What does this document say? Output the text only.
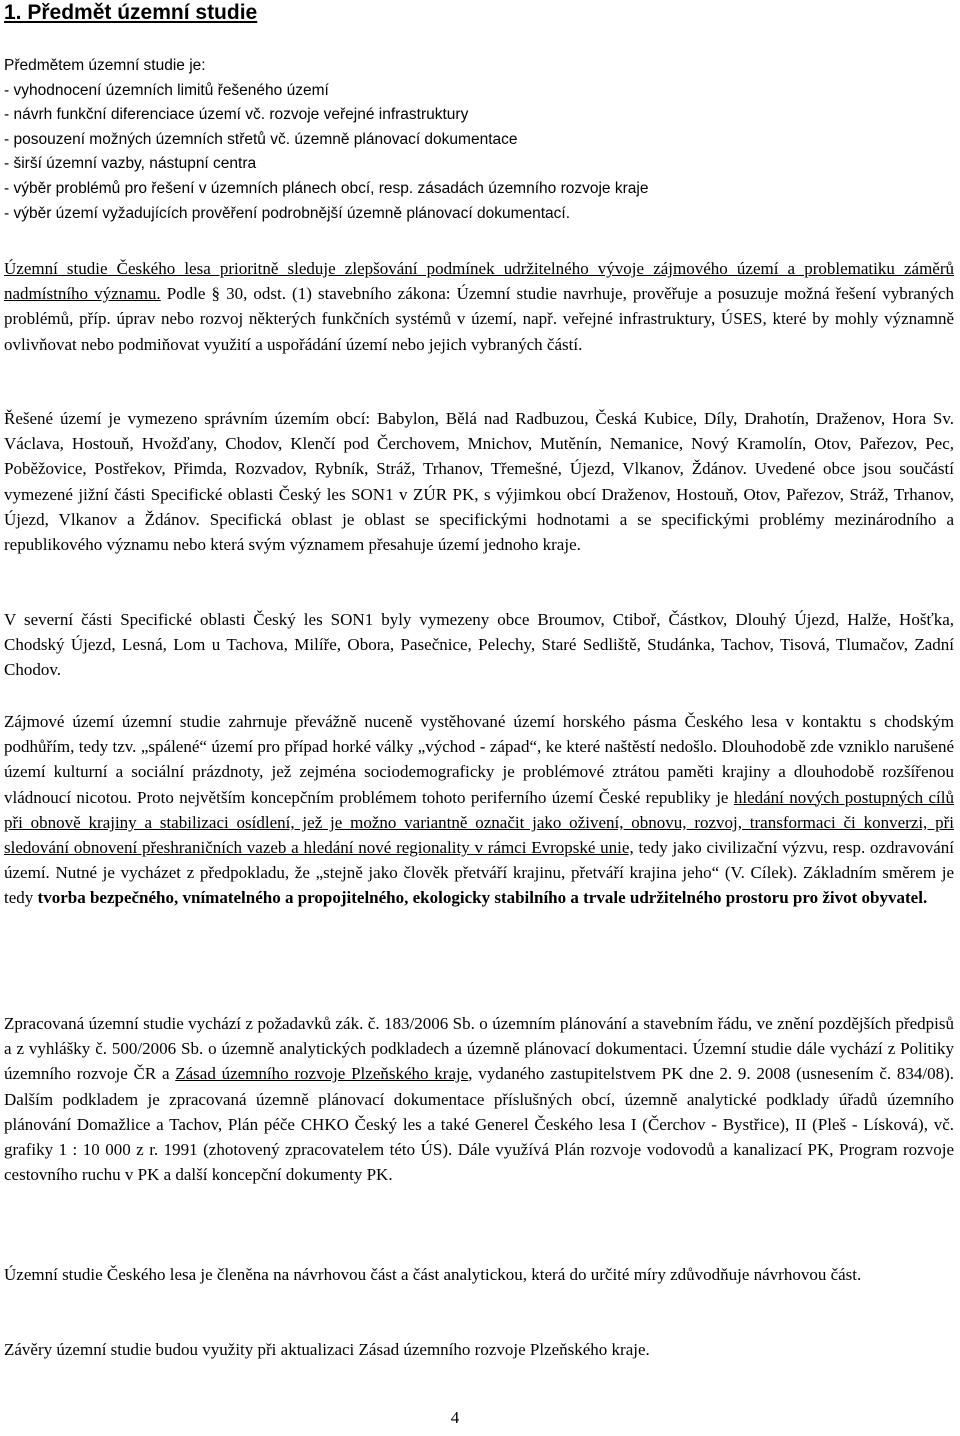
1. Předmět územní studie
Předmětem územní studie je:
- vyhodnocení územních limitů řešeného území
- návrh funkční diferenciace území vč. rozvoje veřejné infrastruktury
- posouzení možných územních střetů vč. územně plánovací dokumentace
- širší územní vazby, nástupní centra
- výběr problémů pro řešení v územních plánech obcí, resp. zásadách územního rozvoje kraje
- výběr území vyžadujících prověření podrobnější územně plánovací dokumentací.

Územní studie Českého lesa prioritně sleduje zlepšování podmínek udržitelného vývoje zájmového území a problematiku záměrů nadmístního významu. Podle § 30, odst. (1) stavebního zákona: Územní studie navrhuje, prověřuje a posuzuje možná řešení vybraných problémů, příp. úprav nebo rozvoj některých funkčních systémů v území, např. veřejné infrastruktury, ÚSES, které by mohly významně ovlivňovat nebo podmiňovat využití a uspořádání území nebo jejich vybraných částí.

Řešené území je vymezeno správním územím obcí: Babylon, Bělá nad Radbuzou, Česká Kubice, Díly, Drahotín, Draženov, Hora Sv. Václava, Hostouň, Hvožďany, Chodov, Klenčí pod Čerchovem, Mnichov, Mutěnín, Nemanice, Nový Kramolín, Otov, Pařezov, Pec, Poběžovice, Postřekov, Přimda, Rozvadov, Rybník, Stráž, Trhanov, Třemešné, Újezd, Vlkanov, Ždánov. Uvedené obce jsou součástí vymezené jižní části Specifické oblasti Český les SON1 v ZÚR PK, s výjimkou obcí Draženov, Hostouň, Otov, Pařezov, Stráž, Trhanov, Újezd, Vlkanov a Ždánov. Specifická oblast je oblast se specifickými hodnotami a se specifickými problémy mezinárodního a republikového významu nebo která svým významem přesahuje území jednoho kraje.

V severní části Specifické oblasti Český les SON1 byly vymezeny obce Broumov, Ctiboř, Částkov, Dlouhý Újezd, Halže, Hošťka, Chodský Újezd, Lesná, Lom u Tachova, Milíře, Obora, Pasečnice, Pelechy, Staré Sedliště, Studánka, Tachov, Tisová, Tlumačov, Zadní Chodov.

Zájmové území územní studie zahrnuje převážně nuceně vystěhované území horského pásma Českého lesa v kontaktu s chodským podhůřím, tedy tzv. „spálené“ území pro případ horké války „východ - západ“, ke které naštěstí nedošlo. Dlouhodobě zde vzniklo narušené území kulturní a sociální prázdnoty, jež zejména sociodemograficky je problémové ztrátou paměti krajiny a dlouhodobě rozšířenou vládnoucí nicotou. Proto největším koncepčním problémem tohoto periferního území České republiky je hledání nových postupných cílů při obnově krajiny a stabilizaci osídlení, jež je možno variantně označit jako oživení, obnovu, rozvoj, transformaci či konverzi, při sledování obnovení přeshraničních vazeb a hledání nové regionality v rámci Evropské unie, tedy jako civilizační výzvu, resp. ozdravování území. Nutné je vycházet z předpokladu, že „stejně jako člověk přetváří krajinu, přetváří krajina jeho“ (V. Cílek). Základním směrem je tedy tvorba bezpečného, vnímatelného a propojitelného, ekologicky stabilního a trvale udržitelného prostoru pro život obyvatel.

Zpracovaná územní studie vychází z požadavků zák. č. 183/2006 Sb. o územním plánování a stavebním řádu, ve znění pozdějších předpisů a z vyhlášky č. 500/2006 Sb. o územně analytických podkladech a územně plánovací dokumentaci. Územní studie dále vychází z Politiky územního rozvoje ČR a Zásad územního rozvoje Plzeňského kraje, vydaného zastupitelstvem PK dne 2. 9. 2008 (usnesením č. 834/08). Dalším podkladem je zpracovaná územně plánovací dokumentace příslušných obcí, územně analytické podklady úřadů územního plánování Domažlice a Tachov, Plán péče CHKO Český les a také Generel Českého lesa I (Čerchov - Bystřice), II (Pleš - Lísková), vč. grafiky 1 : 10 000 z r. 1991 (zhotovený zpracovatelem této ÚS). Dále využívá Plán rozvoje vodovodů a kanalizací PK, Program rozvoje cestovního ruchu v PK a další koncepční dokumenty PK.

Územní studie Českého lesa je členěna na návrhovou část a část analytickou, která do určité míry zdůvodňuje návrhovou část.

Závěry územní studie budou využity při aktualizaci Zásad územního rozvoje Plzeňského kraje.

4
